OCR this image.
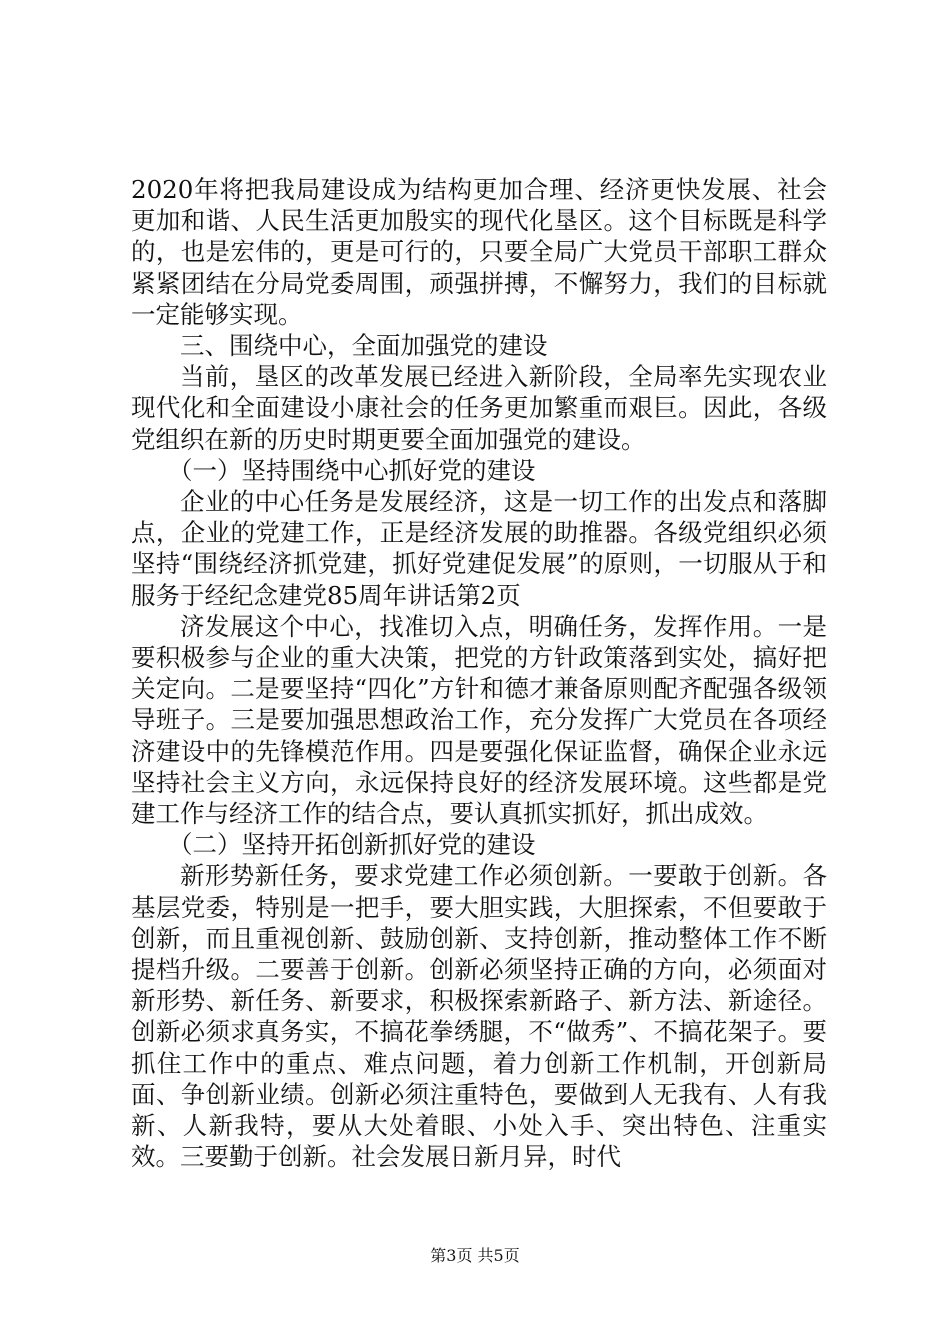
2020年将把我局建设成为结构更加合理、经济更快发展、社会更加和谐、人民生活更加殷实的现代化垦区。这个目标既是科学的，也是宏伟的，更是可行的，只要全局广大党员干部职工群众紧紧团结在分局党委周围，顽强拼搏，不懈努力，我们的目标就一定能够实现。

三、围绕中心，全面加强党的建设

当前，垦区的改革发展已经进入新阶段，全局率先实现农业现代化和全面建设小康社会的任务更加繁重而艰巨。因此，各级党组织在新的历史时期更要全面加强党的建设。

（一）坚持围绕中心抓好党的建设

企业的中心任务是发展经济，这是一切工作的出发点和落脚点，企业的党建工作，正是经济发展的助推器。各级党组织必须坚持“围绕经济抓党建，抓好党建促发展”的原则，一切服从于和服务于经纪念建党85周年讲话第2页

济发展这个中心，找准切入点，明确任务，发挥作用。一是要积极参与企业的重大决策，把党的方针政策落到实处，搞好把关定向。二是要坚持“四化”方针和德才兼备原则配齐配强各级领导班子。三是要加强思想政治工作，充分发挥广大党员在各项经济建设中的先锋模范作用。四是要强化保证监督，确保企业永远坚持社会主义方向，永远保持良好的经济发展环境。这些都是党建工作与经济工作的结合点，要认真抓实抓好，抓出成效。

（二）坚持开拓创新抓好党的建设

新形势新任务，要求党建工作必须创新。一要敢于创新。各基层党委，特别是一把手，要大胆实践，大胆探索，不但要敢于创新，而且重视创新、鼓励创新、支持创新，推动整体工作不断提档升级。二要善于创新。创新必须坚持正确的方向，必须面对新形势、新任务、新要求，积极探索新路子、新方法、新途径。创新必须求真务实，不搞花拳绣腿，不“做秀”、不搞花架子。要抓住工作中的重点、难点问题，着力创新工作机制，开创新局面、争创新业绩。创新必须注重特色，要做到人无我有、人有我新、人新我特，要从大处着眼、小处入手、突出特色、注重实效。三要勤于创新。社会发展日新月异，时代

第3页 共5页
